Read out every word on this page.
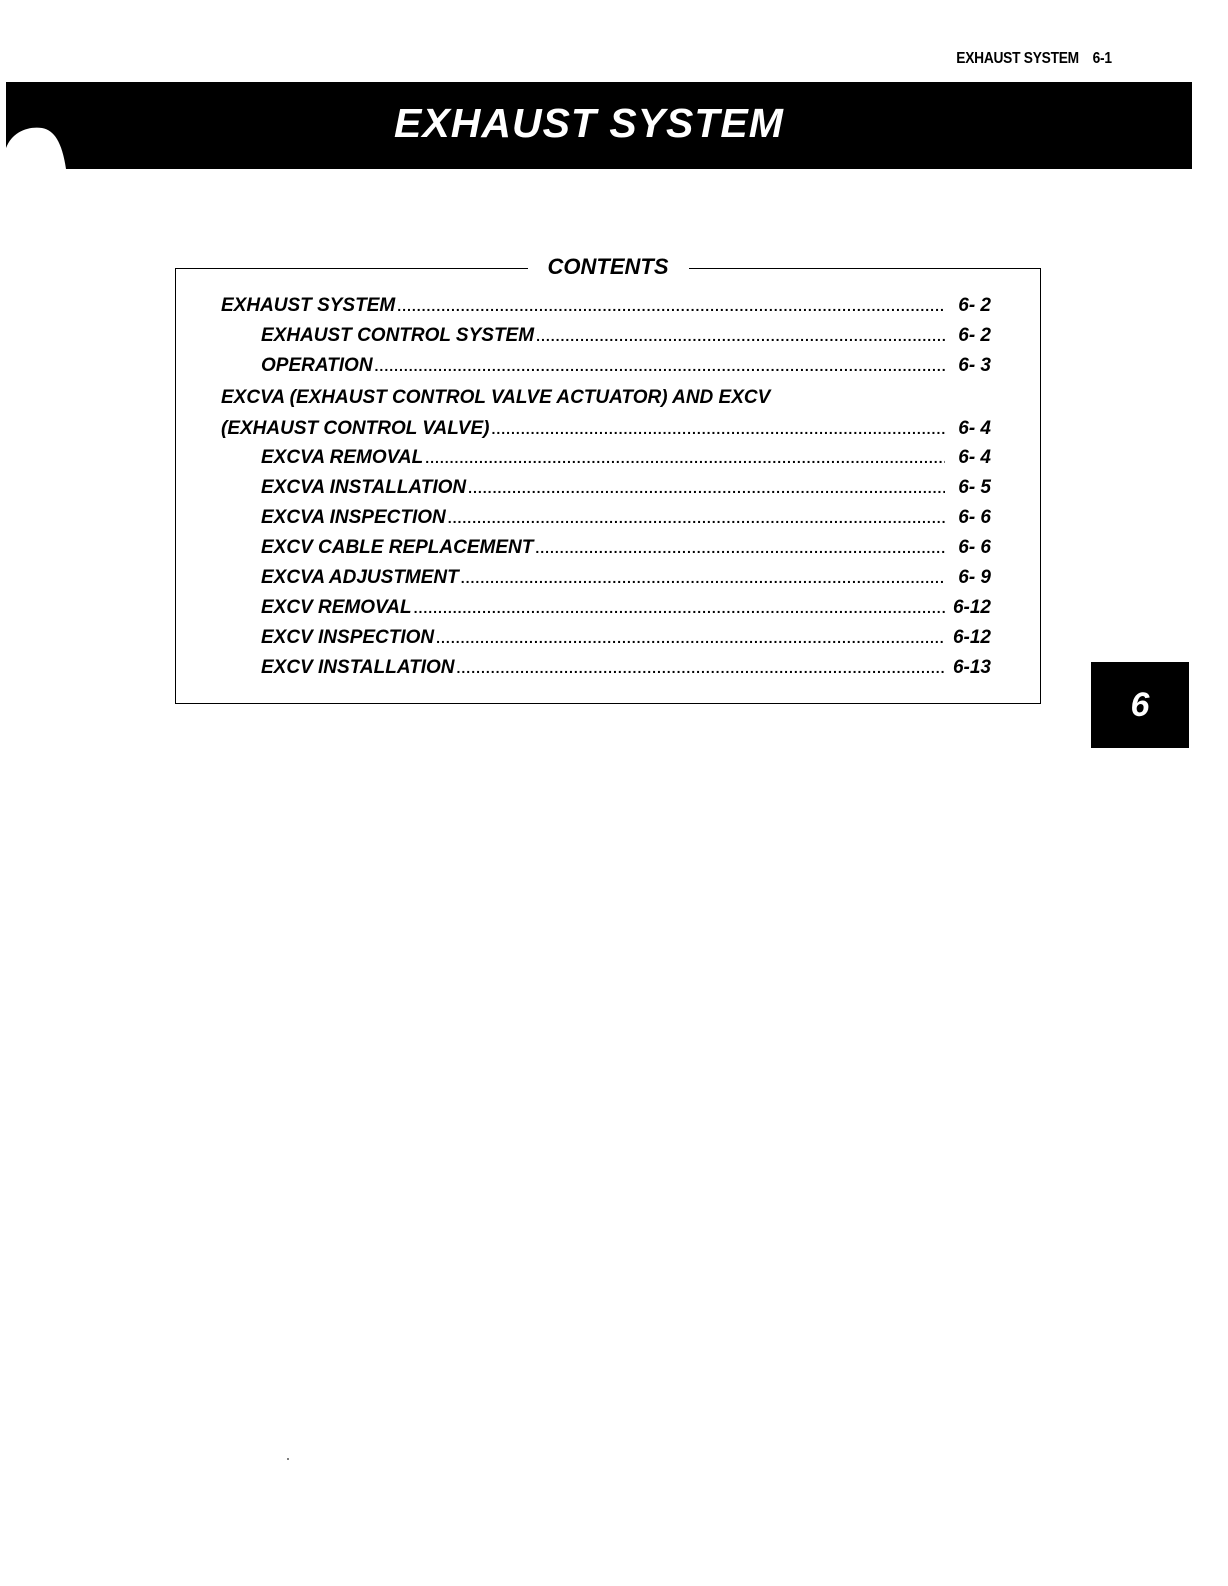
EXHAUST SYSTEM 6-1
EXHAUST SYSTEM
CONTENTS
EXHAUST SYSTEM .....	6- 2
EXHAUST CONTROL SYSTEM .....	6- 2
OPERATION .....	6- 3
EXCVA (EXHAUST CONTROL VALVE ACTUATOR) AND EXCV
(EXHAUST CONTROL VALVE) .....	6- 4
EXCVA REMOVAL .....	6- 4
EXCVA INSTALLATION .....	6- 5
EXCVA INSPECTION .....	6- 6
EXCV CABLE REPLACEMENT .....	6- 6
EXCVA ADJUSTMENT .....	6- 9
EXCV REMOVAL .....	6-12
EXCV INSPECTION .....	6-12
EXCV INSTALLATION .....	6-13
6
